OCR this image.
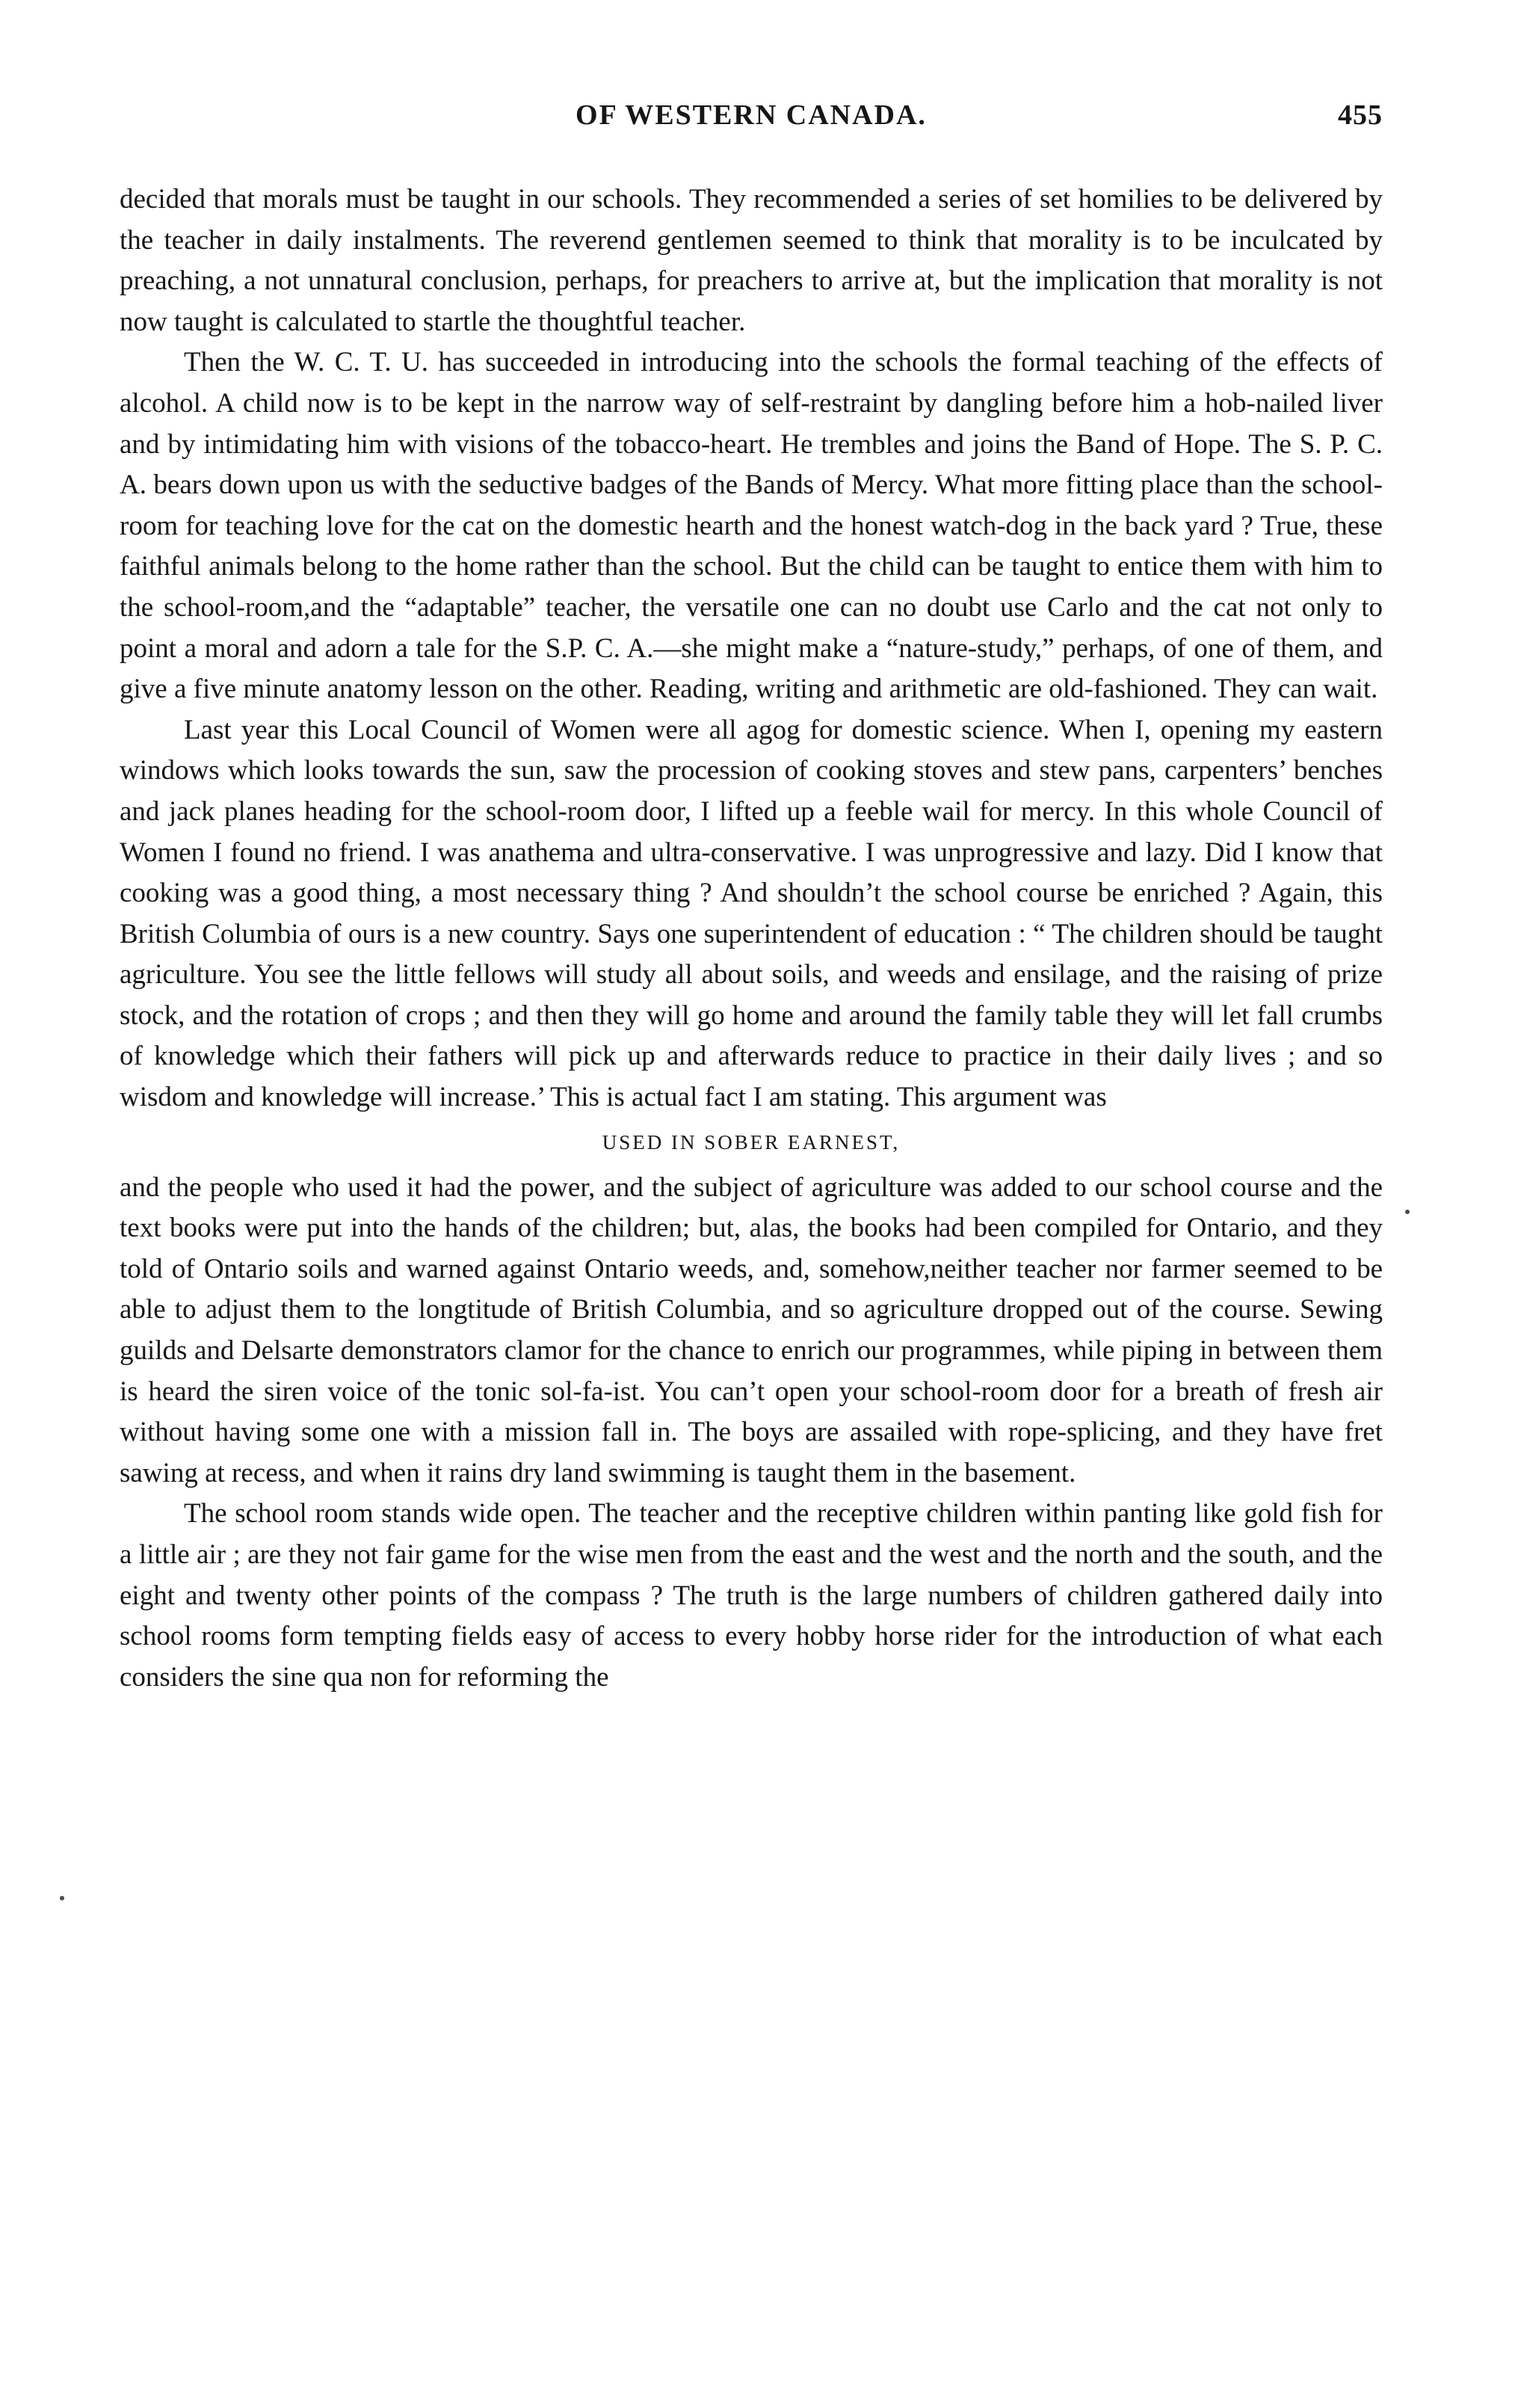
OF WESTERN CANADA.	455

decided that morals must be taught in our schools. They recommended a series of set homilies to be delivered by the teacher in daily instalments. The reverend gentlemen seemed to think that morality is to be inculcated by preaching, a not unnatural conclusion, perhaps, for preachers to arrive at, but the implication that morality is not now taught is calculated to startle the thoughtful teacher.

Then the W. C. T. U. has succeeded in introducing into the schools the formal teaching of the effects of alcohol. A child now is to be kept in the narrow way of self-restraint by dangling before him a hob-nailed liver and by intimidating him with visions of the tobacco-heart. He trembles and joins the Band of Hope. The S. P. C. A. bears down upon us with the seductive badges of the Bands of Mercy. What more fitting place than the school-room for teaching love for the cat on the domestic hearth and the honest watch-dog in the back yard ? True, these faithful animals belong to the home rather than the school. But the child can be taught to entice them with him to the school-room,and the “adaptable” teacher, the versatile one can no doubt use Carlo and the cat not only to point a moral and adorn a tale for the S.P. C. A.—she might make a “nature-study,” perhaps, of one of them, and give a five minute anatomy lesson on the other. Reading, writing and arithmetic are old-fashioned. They can wait.

Last year this Local Council of Women were all agog for domestic science. When I, opening my eastern windows which looks towards the sun, saw the procession of cooking stoves and stew pans, carpenters’ benches and jack planes heading for the school-room door, I lifted up a feeble wail for mercy. In this whole Council of Women I found no friend. I was anathema and ultra-conservative. I was unprogressive and lazy. Did I know that cooking was a good thing, a most necessary thing ? And shouldn’t the school course be enriched ? Again, this British Columbia of ours is a new country. Says one superintendent of education : “ The children should be taught agriculture. You see the little fellows will study all about soils, and weeds and ensilage, and the raising of prize stock, and the rotation of crops ; and then they will go home and around the family table they will let fall crumbs of knowledge which their fathers will pick up and afterwards reduce to practice in their daily lives ; and so wisdom and knowledge will increase.’ This is actual fact I am stating. This argument was

USED IN SOBER EARNEST,

and the people who used it had the power, and the subject of agriculture was added to our school course and the text books were put into the hands of the children; but, alas, the books had been compiled for Ontario, and they told of Ontario soils and warned against Ontario weeds, and, somehow,neither teacher nor farmer seemed to be able to adjust them to the longtitude of British Columbia, and so agriculture dropped out of the course. Sewing guilds and Delsarte demonstrators clamor for the chance to enrich our programmes, while piping in between them is heard the siren voice of the tonic sol-fa-ist. You can’t open your school-room door for a breath of fresh air without having some one with a mission fall in. The boys are assailed with rope-splicing, and they have fret sawing at recess, and when it rains dry land swimming is taught them in the basement.

The school room stands wide open. The teacher and the receptive children within panting like gold fish for a little air ; are they not fair game for the wise men from the east and the west and the north and the south, and the eight and twenty other points of the compass ? The truth is the large numbers of children gathered daily into school rooms form tempting fields easy of access to every hobby horse rider for the introduction of what each considers the sine qua non for reforming the
